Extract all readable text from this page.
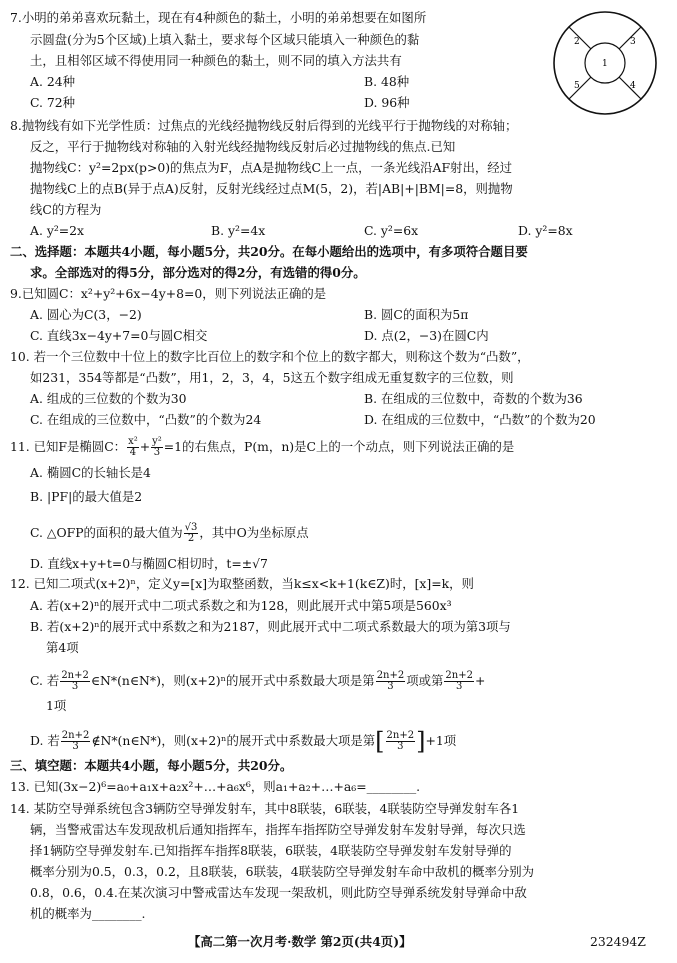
7.小明的弟弟喜欢玩黏土，现在有4种颜色的黏土，小明的弟弟想要在如图所
示圆盘(分为5个区域)上填入黏土，要求每个区域只能填入一种颜色的黏
土，且相邻区域不得使用同一种颜色的黏土，则不同的填入方法共有
A. 24种	B. 48种
C. 72种	D. 96种
1
2	3
4
5
8.抛物线有如下光学性质：过焦点的光线经抛物线反射后得到的光线平行于抛物线的对称轴；
反之，平行于抛物线对称轴的入射光线经抛物线反射后必过抛物线的焦点.已知
抛物线C：y²=2px(p>0)的焦点为F，点A是抛物线C上一点，一条光线沿AF射出，经过
抛物线C上的点B(异于点A)反射，反射光线经过点M(5，2)，若|AB|+|BM|=8，则抛物
线C的方程为
A. y²=2x	B. y²=4x	C. y²=6x	D. y²=8x
二、选择题：本题共4小题，每小题5分，共20分。在每小题给出的选项中，有多项符合题目要
求。全部选对的得5分，部分选对的得2分，有选错的得0分。
9.已知圆C：x²+y²+6x−4y+8=0，则下列说法正确的是
A. 圆心为C(3，−2)	B. 圆C的面积为5π
C. 直线3x−4y+7=0与圆C相交	D. 点(2，−3)在圆C内
10. 若一个三位数中十位上的数字比百位上的数字和个位上的数字都大，则称这个数为“凸数”，
如231，354等都是“凸数”，用1，2，3，4，5这五个数字组成无重复数字的三位数，则
A. 组成的三位数的个数为30	B. 在组成的三位数中，奇数的个数为36
C. 在组成的三位数中，“凸数”的个数为24	D. 在组成的三位数中，“凸数”的个数为20
11. 已知F是椭圆C： $\frac{\text{x²}}{4} + \frac{\text{y²}}{3} =1$的右焦点，P(m，n)是C上的一个动点，则下列说法正确的是
A. 椭圆C的长轴长是4
B. |PF|的最大值是2
C. △OFP的面积的最大值为 $\frac{√3}{2}$ ，其中O为坐标原点
D. 直线x+y+t=0与椭圆C相切时，t=±√7
12. 已知二项式(x+2)ⁿ，定义y=[x]为取整函数，当k≤x<k+1(k∈Z)时，[x]=k，则
A. 若(x+2)ⁿ的展开式中二项式系数之和为128，则此展开式中第5项是560x³
B. 若(x+2)ⁿ的展开式中系数之和为2187，则此展开式中二项式系数最大的项为第3项与
第4项
C. 若 $\frac{2n+2}{3}$ ∈N*(n∈N*)，则(x+2)ⁿ的展开式中系数最大项是第 $\frac{2n+2}{3}$ 项或第 $\frac{2n+2}{3}$ +
1项
D. 若 $\frac{2n+2}{3}$ ∉N*(n∈N*)，则(x+2)ⁿ的展开式中系数最大项是第[ $\frac{2n+2}{3} ]+1$项
三、填空题：本题共4小题，每小题5分，共20分。
13. 已知(3x−2)⁶=a₀+a₁x+a₂x²+…+a₆x⁶，则a₁+a₂+…+a₆=________.
14. 某防空导弹系统包含3辆防空导弹发射车，其中8联装，6联装，4联装防空导弹发射车各1
辆，当警戒雷达车发现敌机后通知指挥车，指挥车指挥防空导弹发射车发射导弹，每次只选
择1辆防空导弹发射车.已知指挥车指挥8联装，6联装，4联装防空导弹发射车发射导弹的
概率分别为0.5，0.3，0.2，且8联装，6联装，4联装防空导弹发射车命中敌机的概率分别为
0.8，0.6，0.4.在某次演习中警戒雷达车发现一架敌机，则此防空导弹系统发射导弹命中敌
机的概率为________.
【高二第一次月考·数学 第2页(共4页)】	232494Z
